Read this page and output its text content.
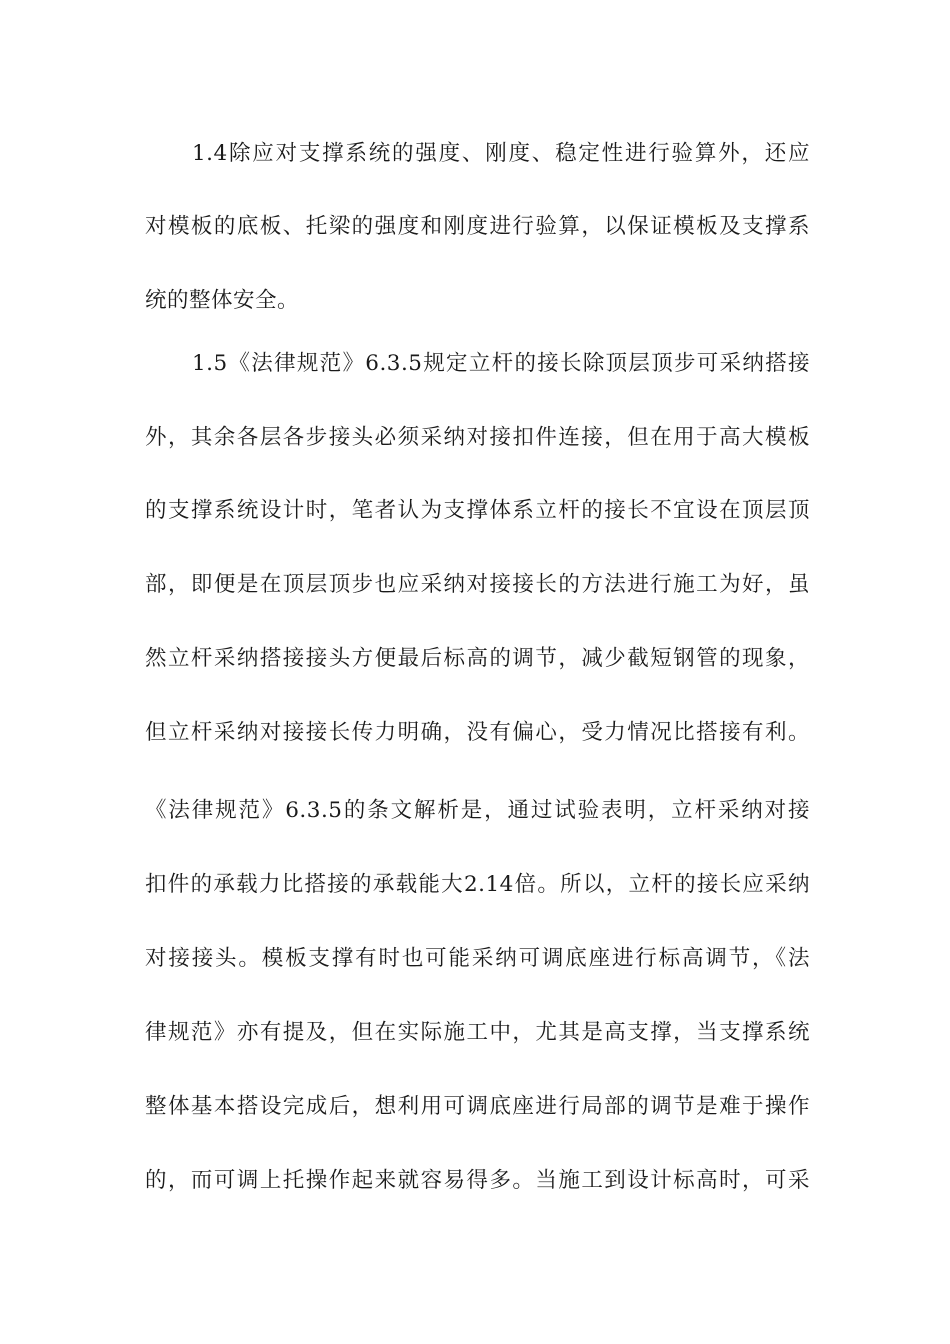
1.4除应对支撑系统的强度、刚度、稳定性进行验算外，还应
对模板的底板、托梁的强度和刚度进行验算，以保证模板及支撑系
统的整体安全。
1.5《法律规范》6.3.5规定立杆的接长除顶层顶步可采纳搭接
外，其余各层各步接头必须采纳对接扣件连接，但在用于高大模板
的支撑系统设计时，笔者认为支撑体系立杆的接长不宜设在顶层顶
部，即便是在顶层顶步也应采纳对接接长的方法进行施工为好，虽
然立杆采纳搭接接头方便最后标高的调节，减少截短钢管的现象，
但立杆采纳对接接长传力明确，没有偏心，受力情况比搭接有利。
《法律规范》6.3.5的条文解析是，通过试验表明，立杆采纳对接
扣件的承载力比搭接的承载能大2.14倍。所以，立杆的接长应采纳
对接接头。模板支撑有时也可能采纳可调底座进行标高调节，《法
律规范》亦有提及，但在实际施工中，尤其是高支撑，当支撑系统
整体基本搭设完成后，想利用可调底座进行局部的调节是难于操作
的，而可调上托操作起来就容易得多。当施工到设计标高时，可采
